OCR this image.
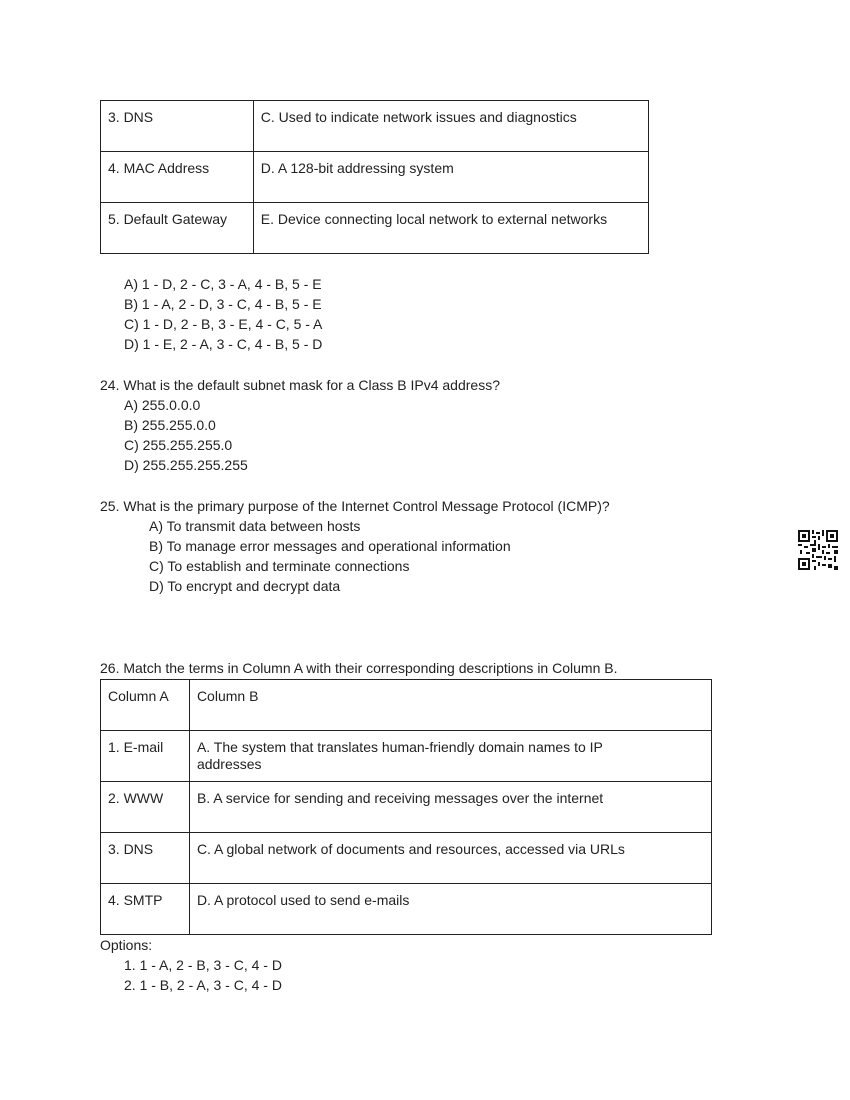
3. DNS	C. Used to indicate network issues and diagnostics
4. MAC Address	D. A 128-bit addressing system
5. Default Gateway	E. Device connecting local network to external networks
A) 1 - D, 2 - C, 3 - A, 4 - B, 5 - E
B) 1 - A, 2 - D, 3 - C, 4 - B, 5 - E
C) 1 - D, 2 - B, 3 - E, 4 - C, 5 - A
D) 1 - E, 2 - A, 3 - C, 4 - B, 5 - D
24. What is the default subnet mask for a Class B IPv4 address?
A) 255.0.0.0
B) 255.255.0.0
C) 255.255.255.0
D) 255.255.255.255
25. What is the primary purpose of the Internet Control Message Protocol (ICMP)?
A) To transmit data between hosts
B) To manage error messages and operational information
C) To establish and terminate connections
D) To encrypt and decrypt data
26. Match the terms in Column A with their corresponding descriptions in Column B.
Column A	Column B
1. E-mail	A. The system that translates human-friendly domain names to IP addresses
2. WWW	B. A service for sending and receiving messages over the internet
3. DNS	C. A global network of documents and resources, accessed via URLs
4. SMTP	D. A protocol used to send e-mails
Options:
1. 1 - A, 2 - B, 3 - C, 4 - D
2. 1 - B, 2 - A, 3 - C, 4 - D
